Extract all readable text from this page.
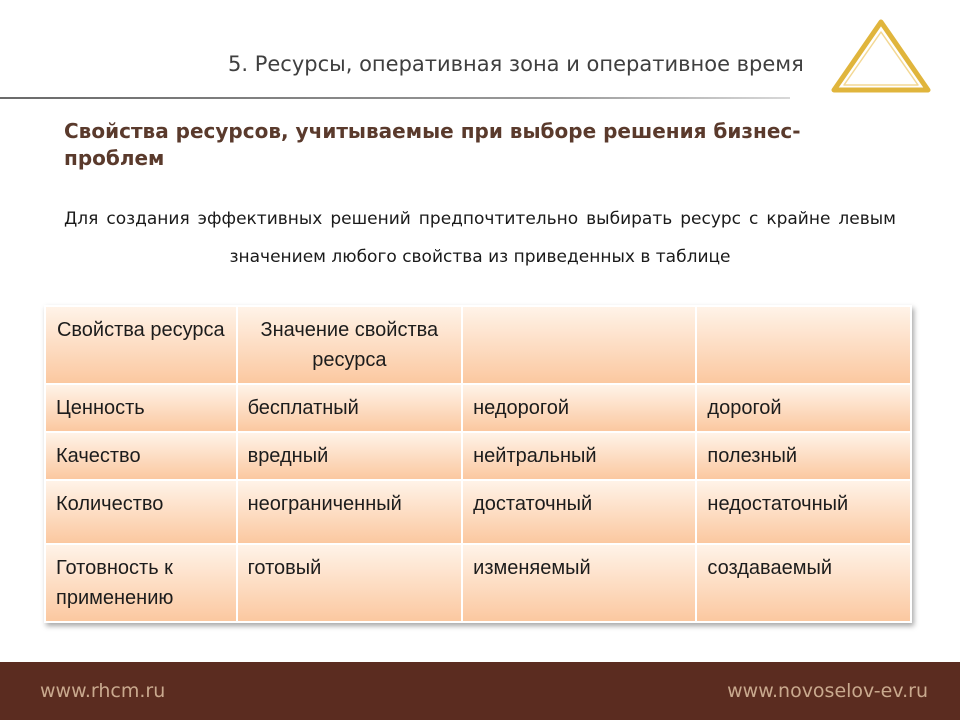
5. Ресурсы, оперативная зона и оперативное время
Свойства ресурсов, учитываемые при выборе решения бизнес-проблем
Для создания эффективных решений предпочтительно выбирать ресурс с крайне левым значением любого свойства из приведенных в таблице
Свойства ресурса	Значение свойства ресурса		
Ценность	бесплатный	недорогой	дорогой
Качество	вредный	нейтральный	полезный
Количество	неограниченный	достаточный	недостаточный
Готовность к применению	готовый	изменяемый	создаваемый
www.rhcm.ru	www.novoselov-ev.ru
